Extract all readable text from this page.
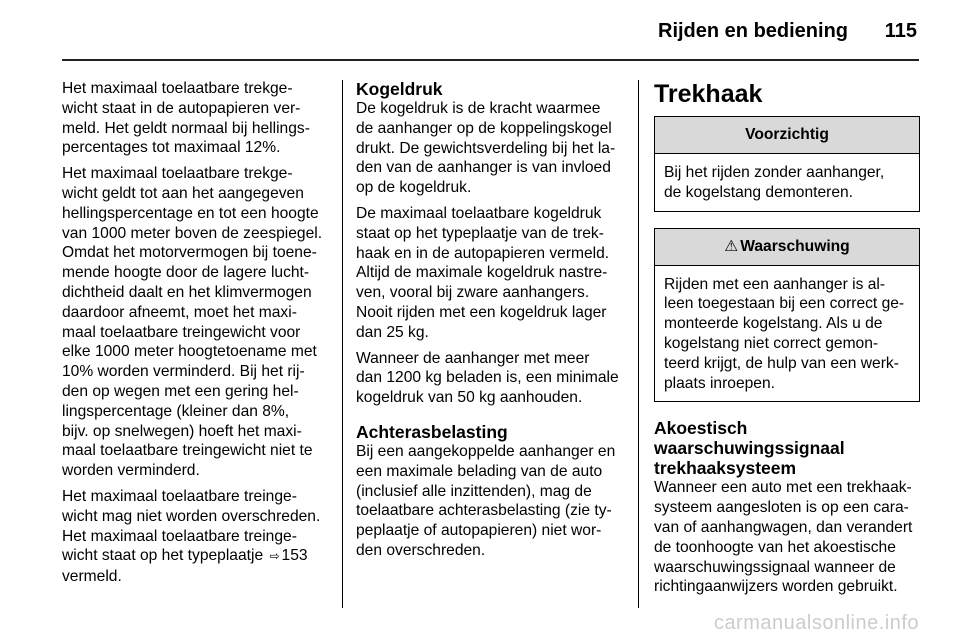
Rijden en bediening	115

Het maximaal toelaatbare trekge-
wicht staat in de autopapieren ver-
meld. Het geldt normaal bij hellings-
percentages tot maximaal 12%.

Het maximaal toelaatbare trekge-
wicht geldt tot aan het aangegeven
hellingspercentage en tot een hoogte
van 1000 meter boven de zeespiegel.
Omdat het motorvermogen bij toene-
mende hoogte door de lagere lucht-
dichtheid daalt en het klimvermogen
daardoor afneemt, moet het maxi-
maal toelaatbare treingewicht voor
elke 1000 meter hoogtetoename met
10% worden verminderd. Bij het rij-
den op wegen met een gering hel-
lingspercentage (kleiner dan 8%,
bijv. op snelwegen) hoeft het maxi-
maal toelaatbare treingewicht niet te
worden verminderd.

Het maximaal toelaatbare treinge-
wicht mag niet worden overschreden.
Het maximaal toelaatbare treinge-
wicht staat op het typeplaatje ⇨ 153
vermeld.

Kogeldruk

De kogeldruk is de kracht waarmee
de aanhanger op de koppelingskogel
drukt. De gewichtsverdeling bij het la-
den van de aanhanger is van invloed
op de kogeldruk.

De maximaal toelaatbare kogeldruk
staat op het typeplaatje van de trek-
haak en in de autopapieren vermeld.
Altijd de maximale kogeldruk nastre-
ven, vooral bij zware aanhangers.
Nooit rijden met een kogeldruk lager
dan 25 kg.

Wanneer de aanhanger met meer
dan 1200 kg beladen is, een minimale
kogeldruk van 50 kg aanhouden.

Achterasbelasting

Bij een aangekoppelde aanhanger en
een maximale belading van de auto
(inclusief alle inzittenden), mag de
toelaatbare achterasbelasting (zie ty-
peplaatje of autopapieren) niet wor-
den overschreden.

Trekhaak
Voorzichtig
Bij het rijden zonder aanhanger,
de kogelstang demonteren.
⚠ Waarschuwing
Rijden met een aanhanger is al-
leen toegestaan bij een correct ge-
monteerde kogelstang. Als u de
kogelstang niet correct gemon-
teerd krijgt, de hulp van een werk-
plaats inroepen.
Akoestisch
waarschuwingssignaal
trekhaaksysteem

Wanneer een auto met een trekhaak-
systeem aangesloten is op een cara-
van of aanhangwagen, dan verandert
de toonhoogte van het akoestische
waarschuwingssignaal wanneer de
richtingaanwijzers worden gebruikt.

carmanualsonline.info
